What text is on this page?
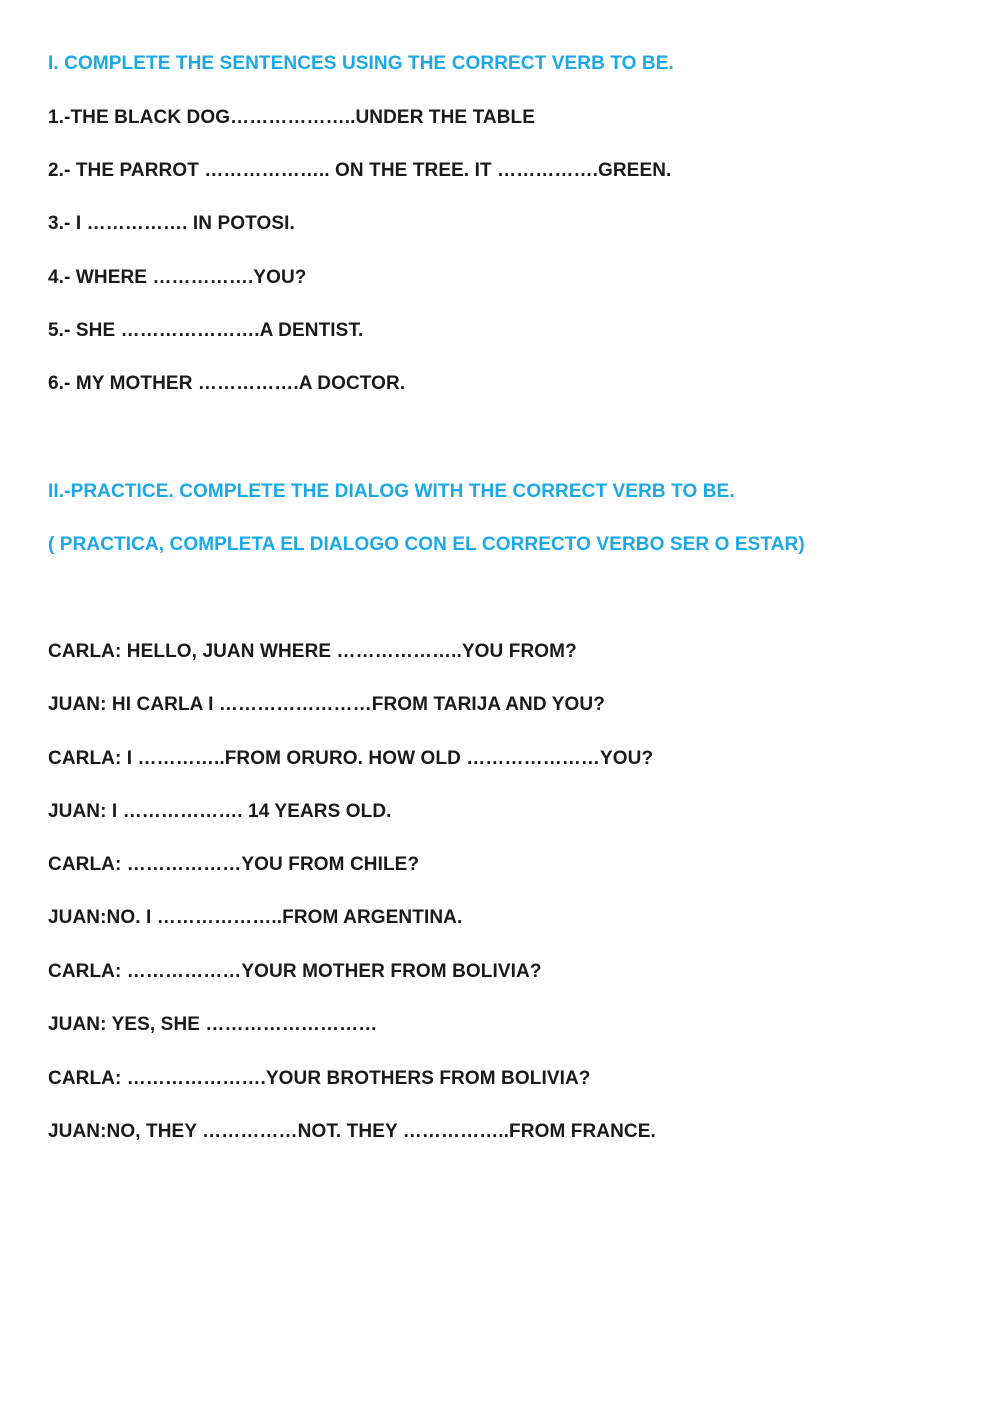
I. COMPLETE THE SENTENCES USING THE CORRECT VERB TO BE.

1.-THE BLACK DOG………………..UNDER THE TABLE

2.- THE PARROT ……………….. ON THE TREE. IT …………….GREEN.

3.- I ……………. IN POTOSI.

4.- WHERE …………….YOU?

5.- SHE ………………….A DENTIST.

6.- MY MOTHER …………….A DOCTOR.

II.-PRACTICE. COMPLETE THE DIALOG WITH THE CORRECT VERB TO BE.

( PRACTICA, COMPLETA EL DIALOGO CON EL CORRECTO VERBO SER O ESTAR)

CARLA: HELLO, JUAN WHERE ………………..YOU FROM?

JUAN: HI CARLA I ……………………FROM TARIJA AND YOU?

CARLA: I …………..FROM ORURO. HOW OLD …………………YOU?

JUAN: I ………………. 14 YEARS OLD.

CARLA: ………………YOU FROM CHILE?

JUAN:NO. I ………………..FROM ARGENTINA.

CARLA: ………………YOUR MOTHER FROM BOLIVIA?

JUAN: YES, SHE ………………………

CARLA: ………………….YOUR BROTHERS FROM BOLIVIA?

JUAN:NO, THEY ……………NOT. THEY ……………..FROM FRANCE.
